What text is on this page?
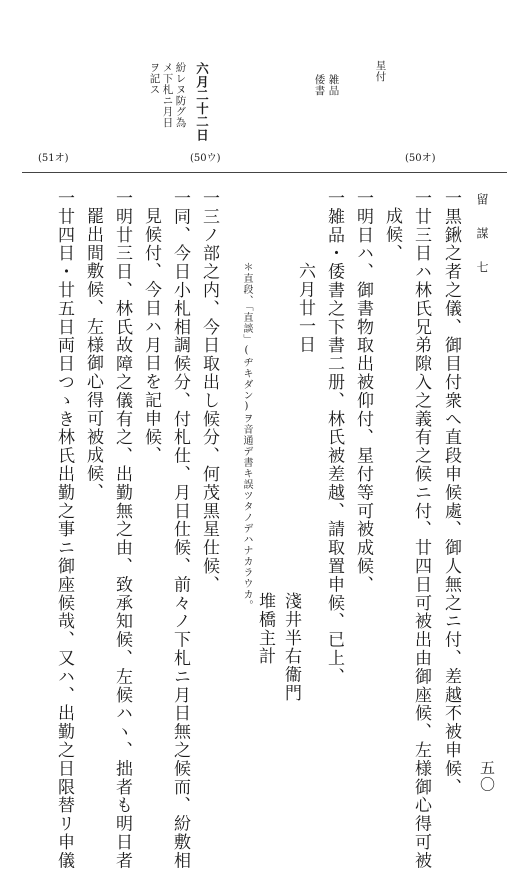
留 謀 七
星付
雑品
倭書
六月二十二日
紛レヌ防グ為
メ下札ニ月日
ヲ記ス
(50オ)
(50ウ)
(51オ)
一黒鍬之者之儀、御目付衆へ直段申候處、御人無之ニ付、差越不被申候、
一廿三日ハ林氏兄弟隙入之義有之候ニ付、廿四日可被出由御座候、左様御心得可被
成候、
一明日ハ、御書物取出被仰付、星付等可被成候、
一雑品・倭書之下書二册、林氏被差越、請取置申候、已上、
六月廿一日
淺井半右衞門
堆橋主計
＊直段、「直談」(ヂキダン)ヲ音通デ書キ誤ツタノデハナカラウカ。
一三ノ部之内、今日取出し候分、何茂黒星仕候、
一同、今日小札相調候分、付札仕、月日仕候、前々ノ下札ニ月日無之候而、紛敷相
見候付、今日ハ月日を記申候、
一明廿三日、林氏故障之儀有之、出勤無之由、致承知候、左候ハヽ、拙者も明日者
罷出間敷候、左様御心得可被成候、
一廿四日・廿五日両日つゝき林氏出勤之事ニ御座候哉、又ハ、出勤之日限替リ申儀	五〇
